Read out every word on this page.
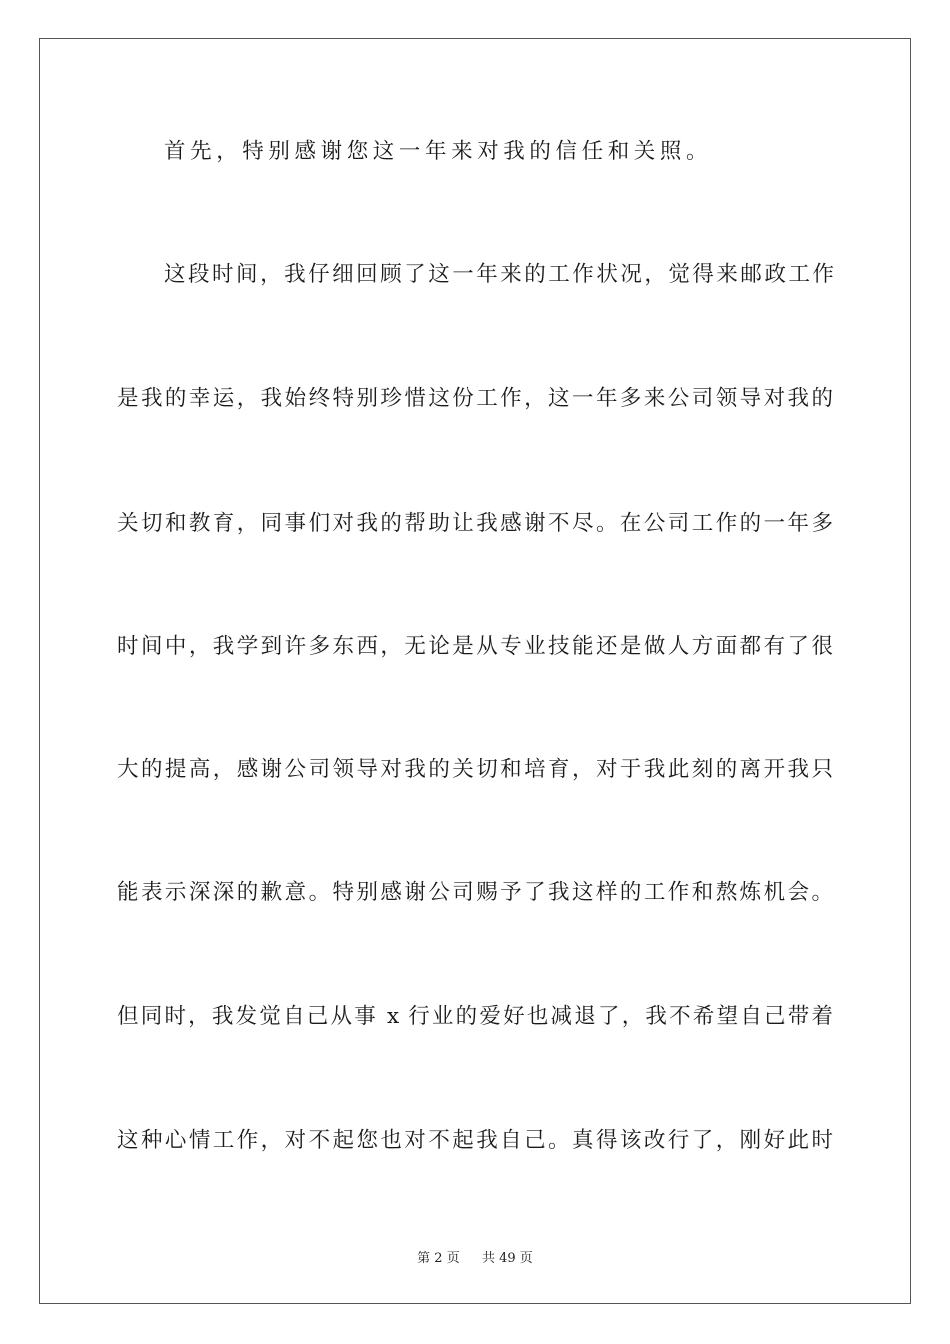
首先，特别感谢您这一年来对我的信任和关照。
这段时间，我仔细回顾了这一年来的工作状况，觉得来邮政工作
是我的幸运，我始终特别珍惜这份工作，这一年多来公司领导对我的
关切和教育，同事们对我的帮助让我感谢不尽。在公司工作的一年多
时间中，我学到许多东西，无论是从专业技能还是做人方面都有了很
大的提高，感谢公司领导对我的关切和培育，对于我此刻的离开我只
能表示深深的歉意。特别感谢公司赐予了我这样的工作和熬炼机会。
但同时，我发觉自己从事 x 行业的爱好也减退了，我不希望自己带着
这种心情工作，对不起您也对不起我自己。真得该改行了，刚好此时
第 2 页 共 49 页
